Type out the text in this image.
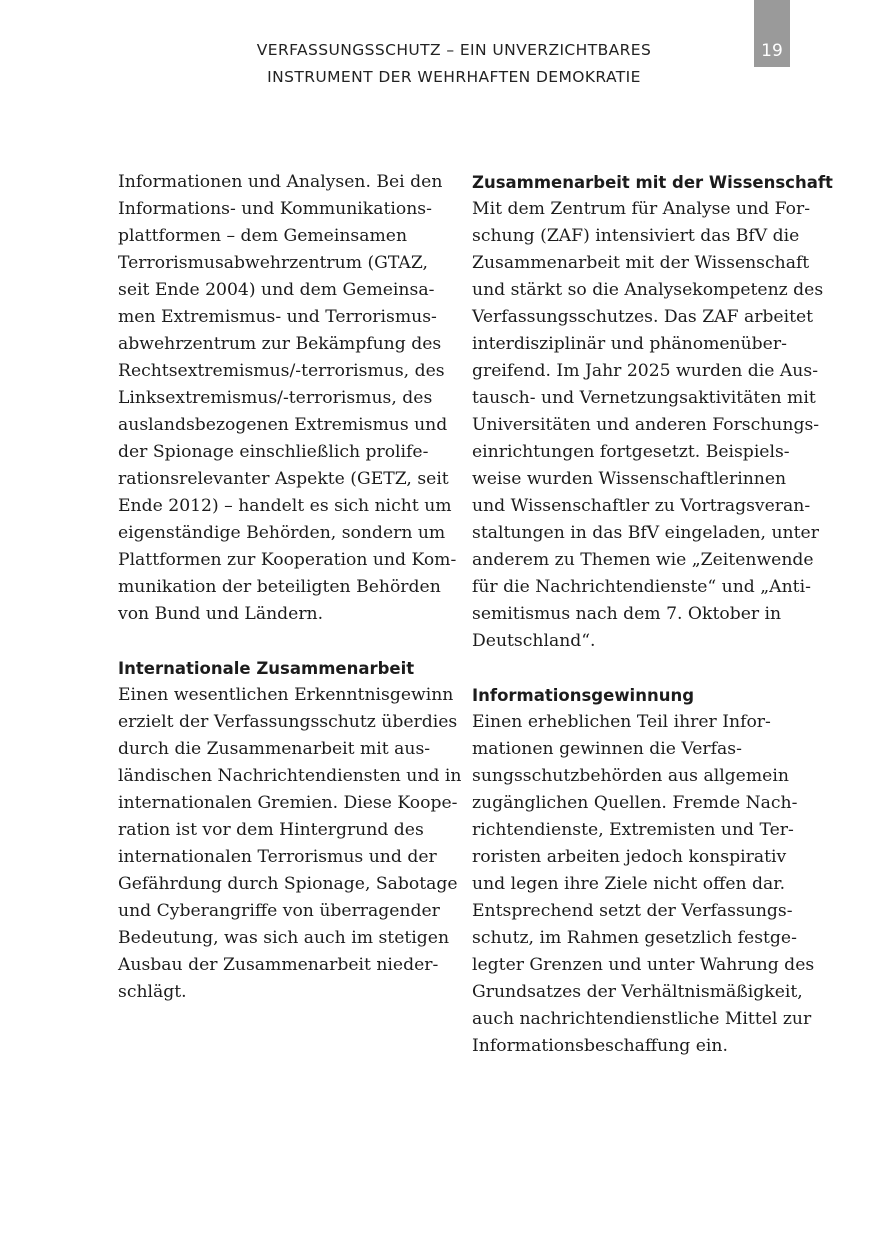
VERFASSUNGSSCHUTZ – EIN UNVERZICHTBARES
INSTRUMENT DER WEHRHAFTEN DEMOKRATIE
19
Informationen und Analysen. Bei den
Informations- und Kommunikations-
plattformen – dem Gemeinsamen
Terrorismusabwehrzentrum (GTAZ,
seit Ende 2004) und dem Gemeinsa-
men Extremismus- und Terrorismus-
abwehrzentrum zur Bekämpfung des
Rechtsextremismus/-terrorismus, des
Linksextremismus/-terrorismus, des
auslandsbezogenen Extremismus und
der Spionage einschließlich prolife-
rationsrelevanter Aspekte (GETZ, seit
Ende 2012) – handelt es sich nicht um
eigenständige Behörden, sondern um
Plattformen zur Kooperation und Kom-
munikation der beteiligten Behörden
von Bund und Ländern.
Internationale Zusammenarbeit
Einen wesentlichen Erkenntnisgewinn
erzielt der Verfassungsschutz überdies
durch die Zusammenarbeit mit aus-
ländischen Nachrichtendiensten und in
internationalen Gremien. Diese Koope-
ration ist vor dem Hintergrund des
internationalen Terrorismus und der
Gefährdung durch Spionage, Sabotage
und Cyberangriffe von überragender
Bedeutung, was sich auch im stetigen
Ausbau der Zusammenarbeit nieder-
schlägt.
Zusammenarbeit mit der Wissenschaft
Mit dem Zentrum für Analyse und For-
schung (ZAF) intensiviert das BfV die
Zusammenarbeit mit der Wissenschaft
und stärkt so die Analysekompetenz des
Verfassungsschutzes. Das ZAF arbeitet
interdisziplinär und phänomenüber-
greifend. Im Jahr 2025 wurden die Aus-
tausch- und Vernetzungsaktivitäten mit
Universitäten und anderen Forschungs-
einrichtungen fortgesetzt. Beispiels-
weise wurden Wissenschaftlerinnen
und Wissenschaftler zu Vortragsveran-
staltungen in das BfV eingeladen, unter
anderem zu Themen wie „Zeitenwende
für die Nachrichtendienste“ und „Anti-
semitismus nach dem 7. Oktober in
Deutschland“.
Informationsgewinnung
Einen erheblichen Teil ihrer Infor-
mationen gewinnen die Verfas-
sungsschutzbehörden aus allgemein
zugänglichen Quellen. Fremde Nach-
richtendienste, Extremisten und Ter-
roristen arbeiten jedoch konspirativ
und legen ihre Ziele nicht offen dar.
Entsprechend setzt der Verfassungs-
schutz, im Rahmen gesetzlich festge-
legter Grenzen und unter Wahrung des
Grundsatzes der Verhältnismäßigkeit,
auch nachrichtendienstliche Mittel zur
Informationsbeschaffung ein.
